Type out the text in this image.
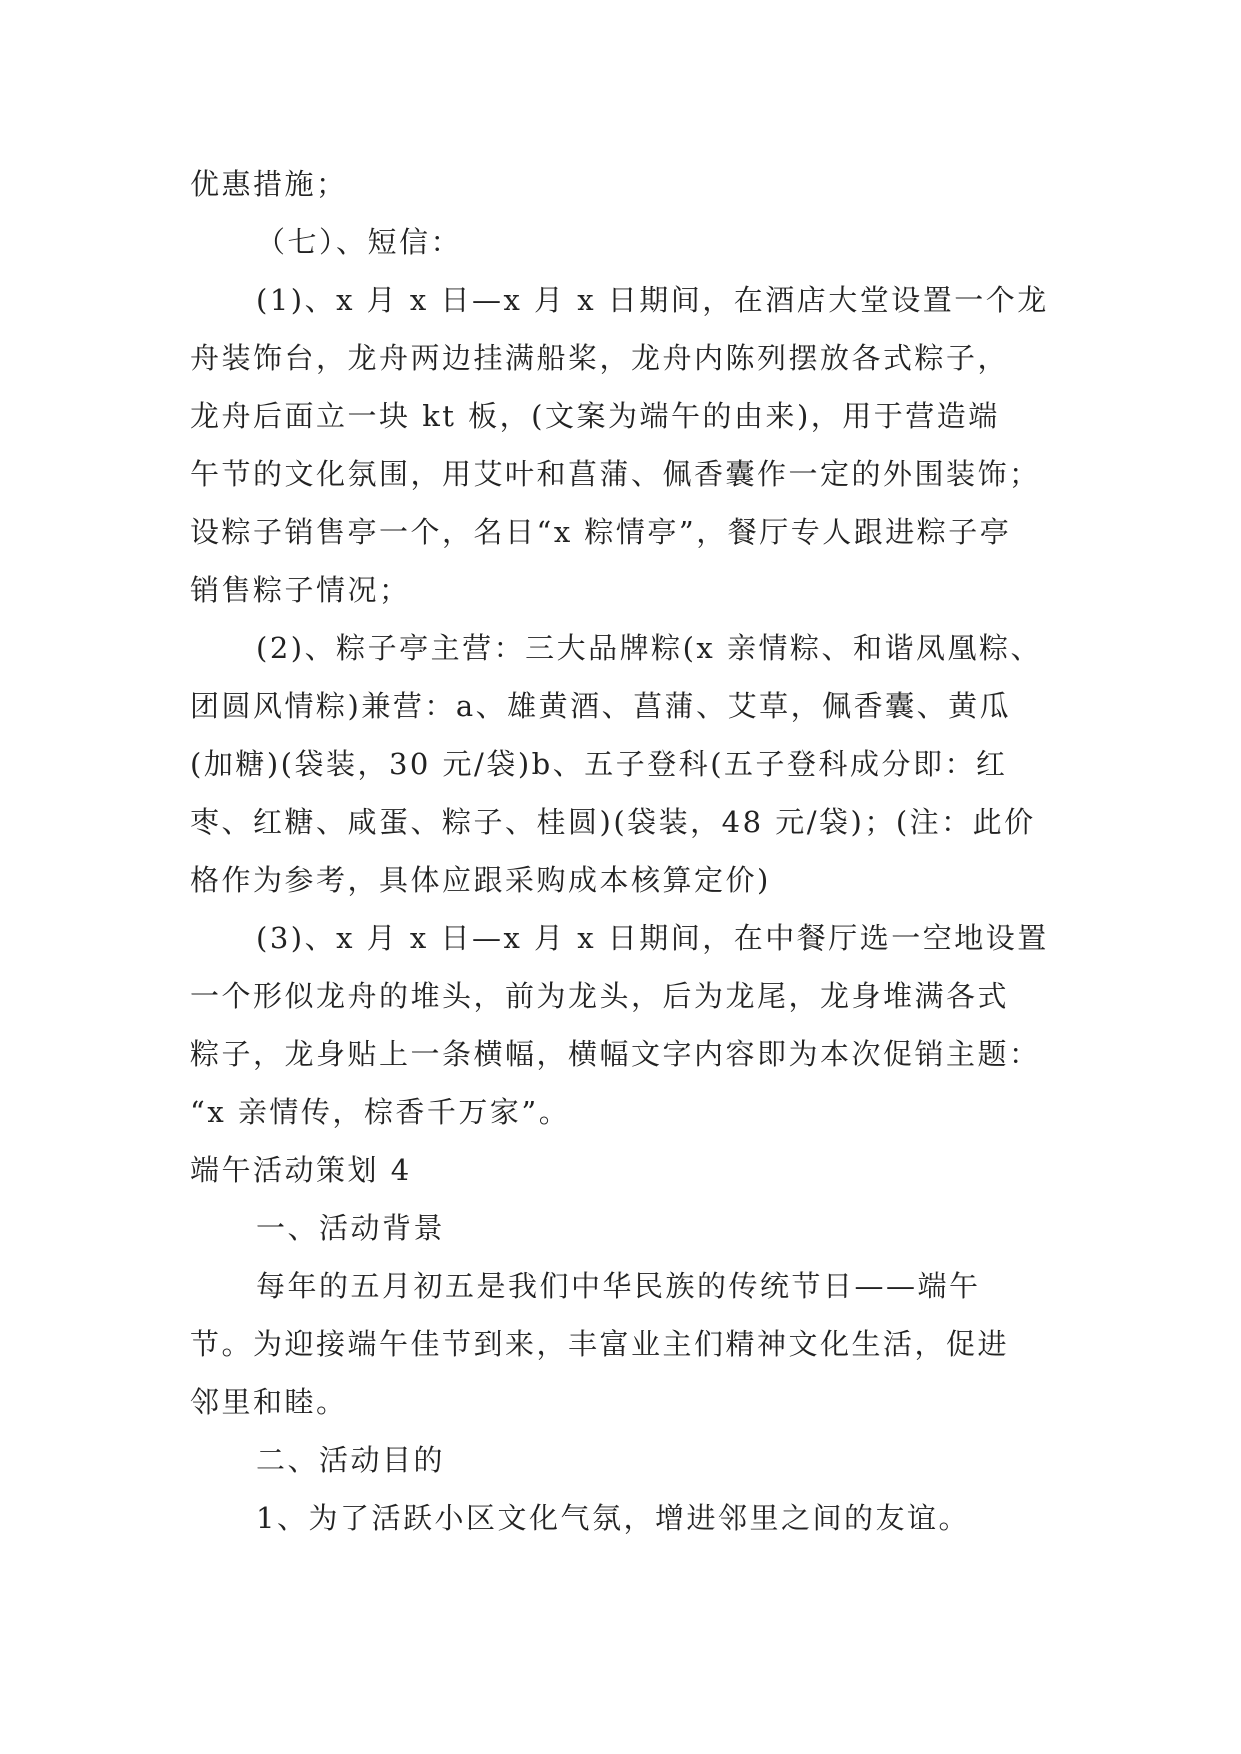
优惠措施；
（七）、短信：
(1)、x 月 x 日—x 月 x 日期间，在酒店大堂设置一个龙
舟装饰台，龙舟两边挂满船桨，龙舟内陈列摆放各式粽子，
龙舟后面立一块 kt 板，(文案为端午的由来)，用于营造端
午节的文化氛围，用艾叶和菖蒲、佩香囊作一定的外围装饰；
设粽子销售亭一个，名日“x 粽情亭”，餐厅专人跟进粽子亭
销售粽子情况；
(2)、粽子亭主营：三大品牌粽(x 亲情粽、和谐凤凰粽、
团圆风情粽)兼营：a、雄黄酒、菖蒲、艾草，佩香囊、黄瓜
(加糖)(袋装，30 元/袋)b、五子登科(五子登科成分即：红
枣、红糖、咸蛋、粽子、桂圆)(袋装，48 元/袋)；(注：此价
格作为参考，具体应跟采购成本核算定价)
(3)、x 月 x 日—x 月 x 日期间，在中餐厅选一空地设置
一个形似龙舟的堆头，前为龙头，后为龙尾，龙身堆满各式
粽子，龙身贴上一条横幅，横幅文字内容即为本次促销主题：
“x 亲情传，棕香千万家”。
端午活动策划 4
一、活动背景
每年的五月初五是我们中华民族的传统节日——端午
节。为迎接端午佳节到来，丰富业主们精神文化生活，促进
邻里和睦。
二、活动目的
1、为了活跃小区文化气氛，增进邻里之间的友谊。
